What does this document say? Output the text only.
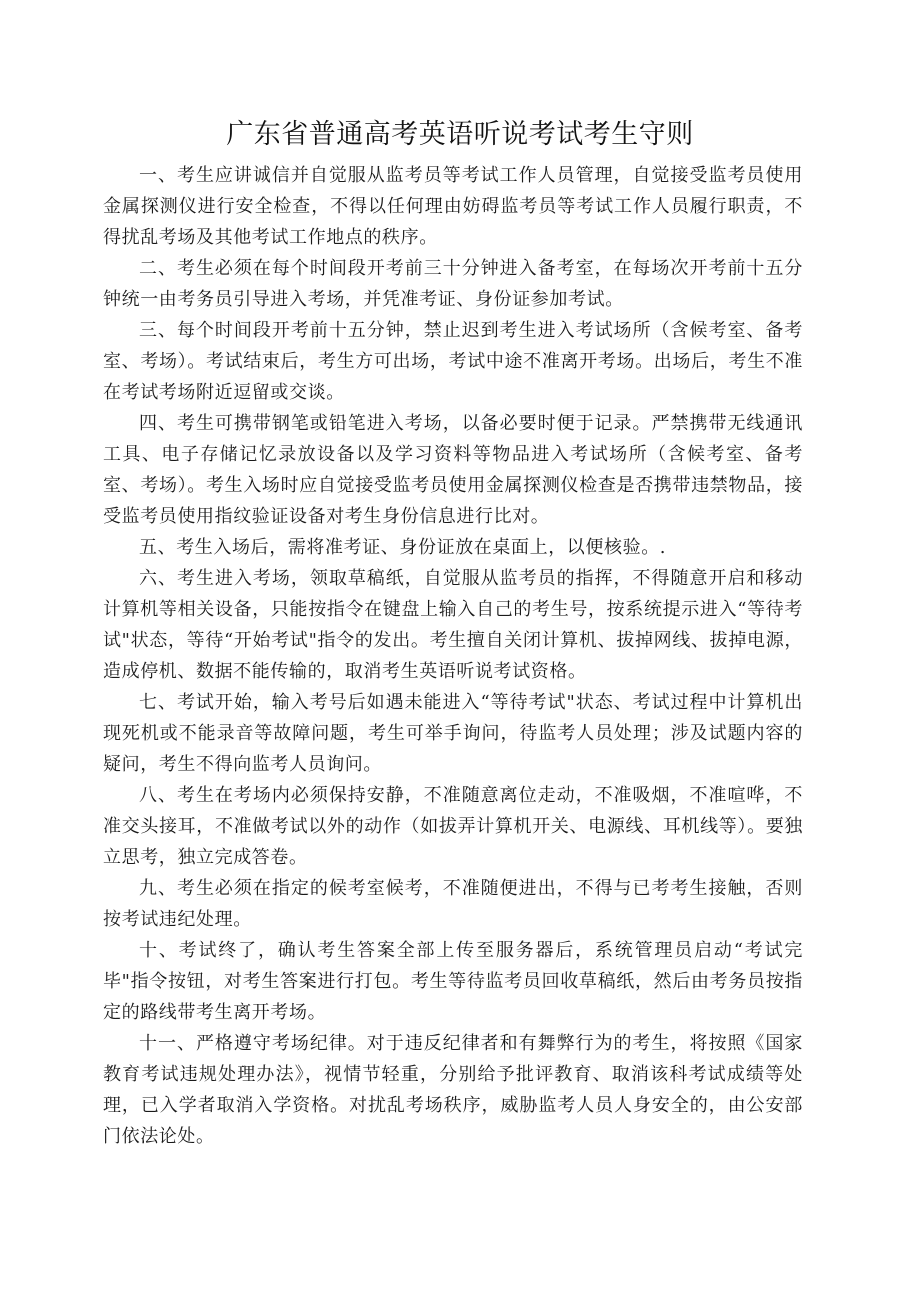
广东省普通高考英语听说考试考生守则

一、考生应讲诚信并自觉服从监考员等考试工作人员管理，自觉接受监考员使用金属探测仪进行安全检查，不得以任何理由妨碍监考员等考试工作人员履行职责，不得扰乱考场及其他考试工作地点的秩序。

二、考生必须在每个时间段开考前三十分钟进入备考室，在每场次开考前十五分钟统一由考务员引导进入考场，并凭准考证、身份证参加考试。

三、每个时间段开考前十五分钟，禁止迟到考生进入考试场所（含候考室、备考室、考场）。考试结束后，考生方可出场，考试中途不准离开考场。出场后，考生不准在考试考场附近逗留或交谈。

四、考生可携带钢笔或铅笔进入考场，以备必要时便于记录。严禁携带无线通讯工具、电子存储记忆录放设备以及学习资料等物品进入考试场所（含候考室、备考室、考场）。考生入场时应自觉接受监考员使用金属探测仪检查是否携带违禁物品，接受监考员使用指纹验证设备对考生身份信息进行比对。

五、考生入场后，需将准考证、身份证放在桌面上，以便核验。.

六、考生进入考场，领取草稿纸，自觉服从监考员的指挥，不得随意开启和移动计算机等相关设备，只能按指令在键盘上输入自己的考生号，按系统提示进入“等待考试"状态，等待“开始考试"指令的发出。考生擅自关闭计算机、拔掉网线、拔掉电源，造成停机、数据不能传输的，取消考生英语听说考试资格。

七、考试开始，输入考号后如遇未能进入“等待考试"状态、考试过程中计算机出现死机或不能录音等故障问题，考生可举手询问，待监考人员处理；涉及试题内容的疑问，考生不得向监考人员询问。

八、考生在考场内必须保持安静，不准随意离位走动，不准吸烟，不准喧哗，不准交头接耳，不准做考试以外的动作（如拔弄计算机开关、电源线、耳机线等）。要独立思考，独立完成答卷。

九、考生必须在指定的候考室候考，不准随便进出，不得与已考考生接触，否则按考试违纪处理。

十、考试终了，确认考生答案全部上传至服务器后，系统管理员启动“考试完毕"指令按钮，对考生答案进行打包。考生等待监考员回收草稿纸，然后由考务员按指定的路线带考生离开考场。

十一、严格遵守考场纪律。对于违反纪律者和有舞弊行为的考生，将按照《国家教育考试违规处理办法》，视情节轻重，分别给予批评教育、取消该科考试成绩等处理，已入学者取消入学资格。对扰乱考场秩序，威胁监考人员人身安全的，由公安部门依法论处。
